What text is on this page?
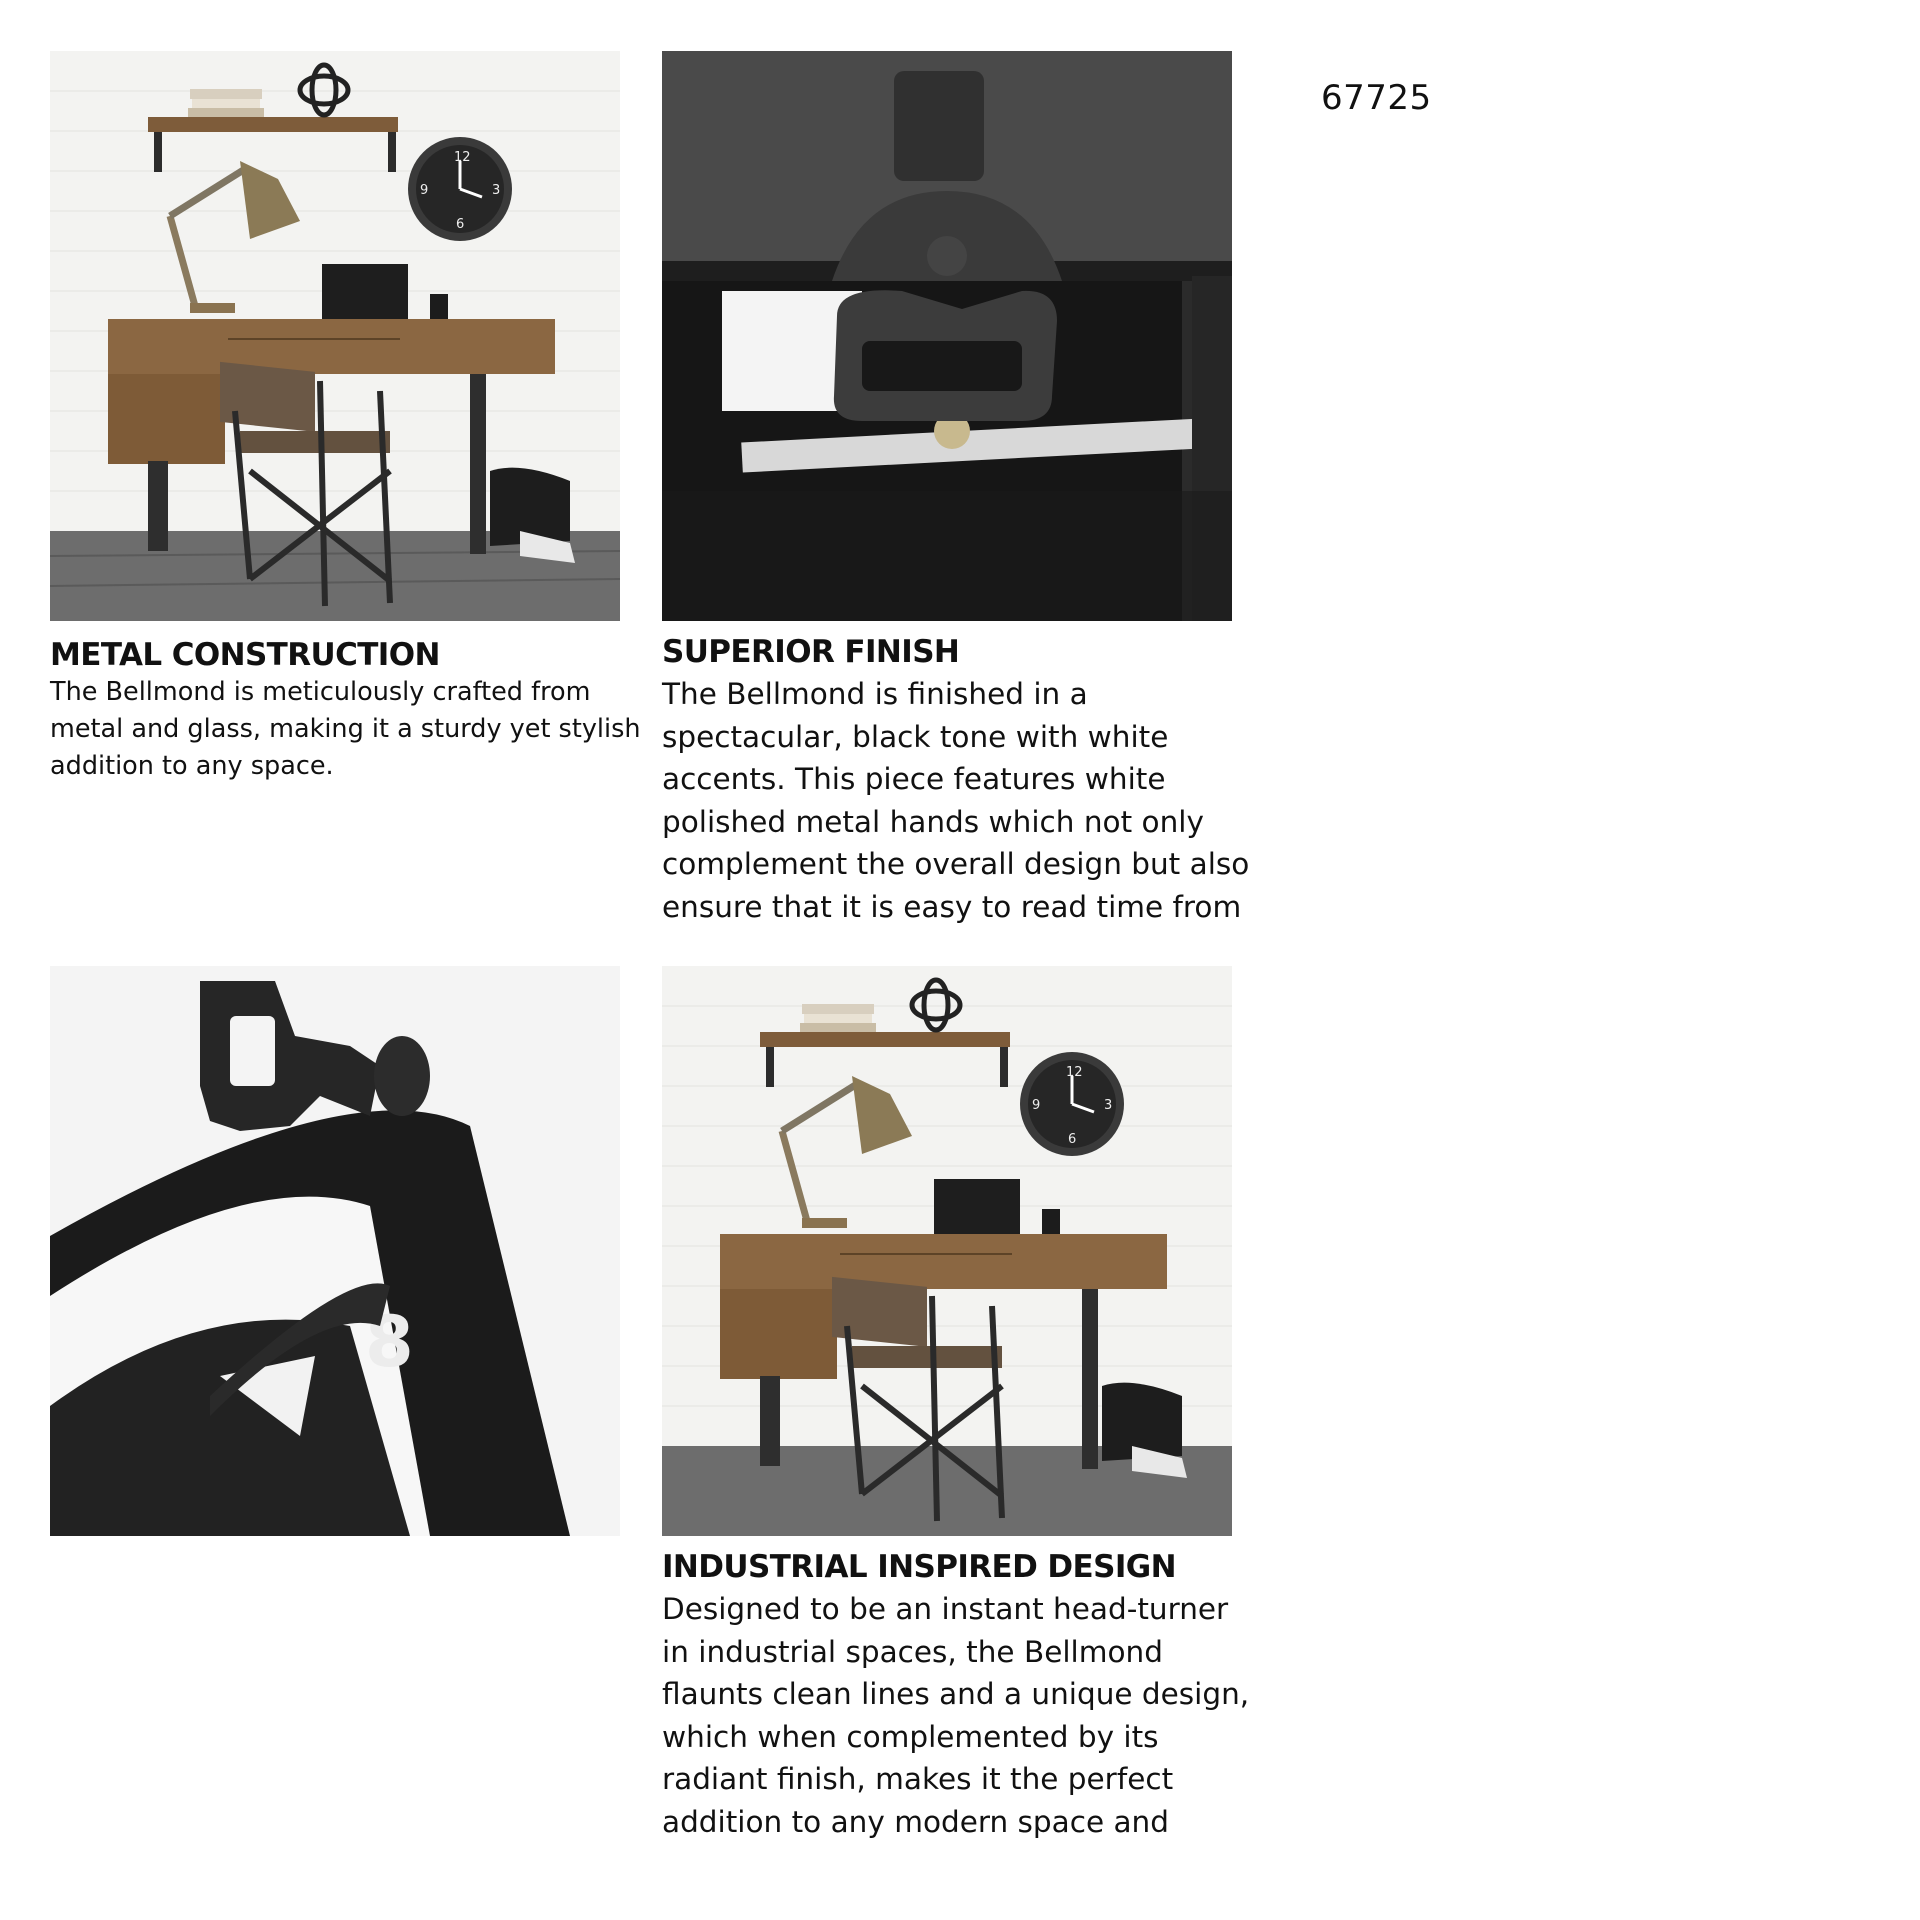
12
3
6
9
8
12
3
6
9
67725
METAL CONSTRUCTION

The Bellmond is meticulously crafted from
metal and glass, making it a sturdy yet stylish
addition to any space.

SUPERIOR FINISH

The Bellmond is finished in a
spectacular, black tone with white
accents. This piece features white
polished metal hands which not only
complement the overall design but also
ensure that it is easy to read time from

INDUSTRIAL INSPIRED DESIGN

Designed to be an instant head-turner
in industrial spaces, the Bellmond
flaunts clean lines and a unique design,
which when complemented by its
radiant finish, makes it the perfect
addition to any modern space and
